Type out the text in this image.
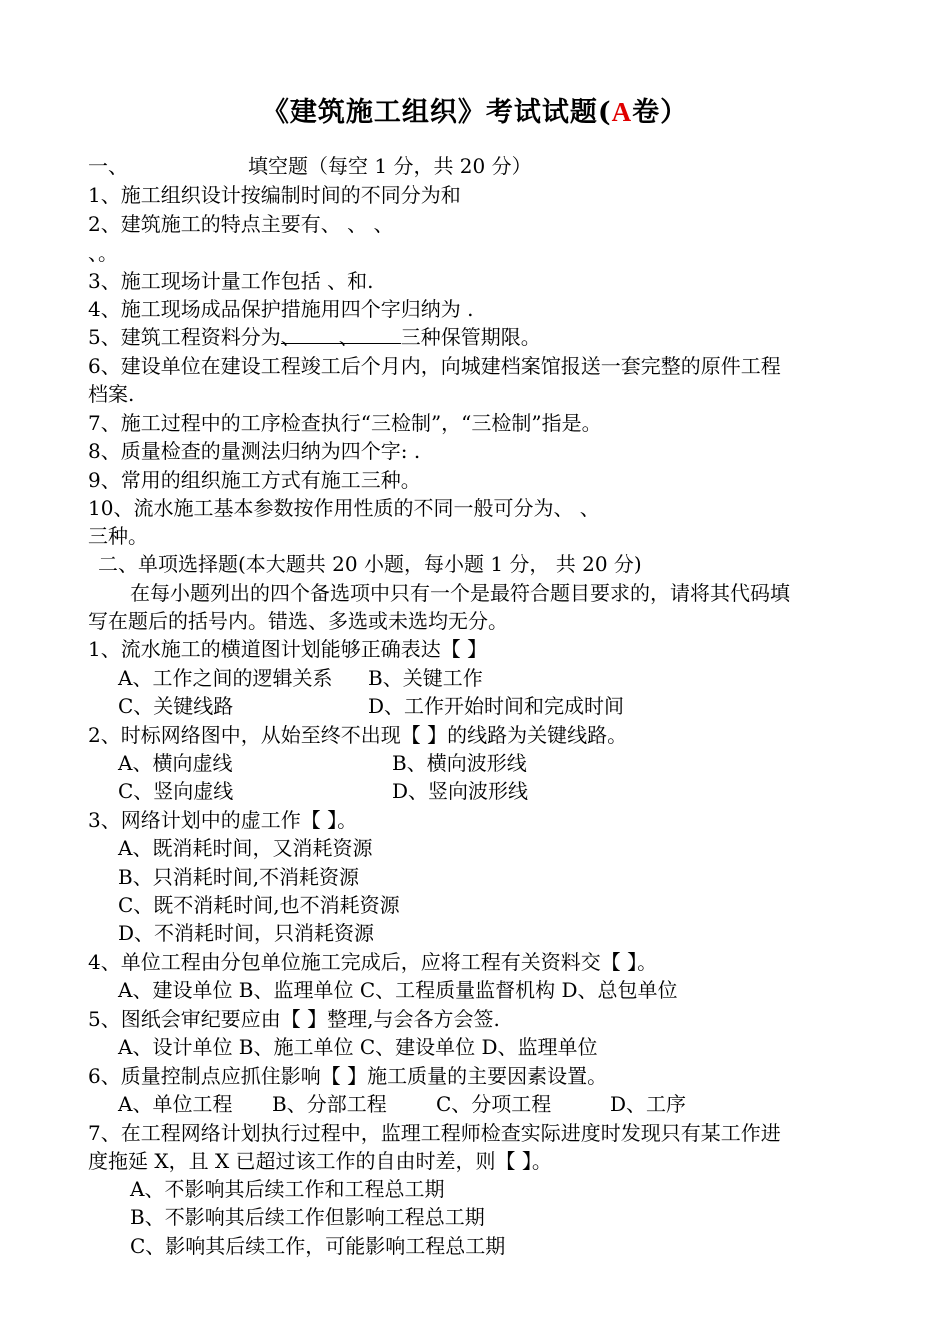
《建筑施工组织》考试试题(A卷）
一、	填空题（每空 1 分，共 20 分）
1、施工组织设计按编制时间的不同分为和
2、建筑施工的特点主要有、 、 、
、。
3、施工现场计量工作包括 、和.
4、施工现场成品保护措施用四个字归纳为 .
5、建筑工程资料分为、 、 三种保管期限。
6、建设单位在建设工程竣工后个月内，向城建档案馆报送一套完整的原件工程
档案.
7、施工过程中的工序检查执行“三检制”，“三检制”指是。
8、质量检查的量测法归纳为四个字: .
9、常用的组织施工方式有施工三种。
10、流水施工基本参数按作用性质的不同一般可分为、 、
三种。
二、单项选择题(本大题共 20 小题，每小题 1 分， 共 20 分)
在每小题列出的四个备选项中只有一个是最符合题目要求的，请将其代码填
写在题后的括号内。错选、多选或未选均无分。
1、流水施工的横道图计划能够正确表达【 】
A、工作之间的逻辑关系 B、关键工作
C、关键线路	D、工作开始时间和完成时间
2、时标网络图中，从始至终不出现【 】的线路为关键线路。
A、横向虚线	B、横向波形线
C、竖向虚线	D、竖向波形线
3、网络计划中的虚工作【 】。
A、既消耗时间，又消耗资源
B、只消耗时间,不消耗资源
C、既不消耗时间,也不消耗资源
D、不消耗时间，只消耗资源
4、单位工程由分包单位施工完成后，应将工程有关资料交【 】。
A、建设单位 B、监理单位 C、工程质量监督机构 D、总包单位
5、图纸会审纪要应由【 】整理,与会各方会签.
A、设计单位 B、施工单位 C、建设单位 D、监理单位
6、质量控制点应抓住影响【 】施工质量的主要因素设置。
A、单位工程 B、分部工程 C、分项工程	D、工序
7、在工程网络计划执行过程中，监理工程师检查实际进度时发现只有某工作进
度拖延 X，且 X 已超过该工作的自由时差，则【 】。
A、不影响其后续工作和工程总工期
B、不影响其后续工作但影响工程总工期
C、影响其后续工作，可能影响工程总工期
